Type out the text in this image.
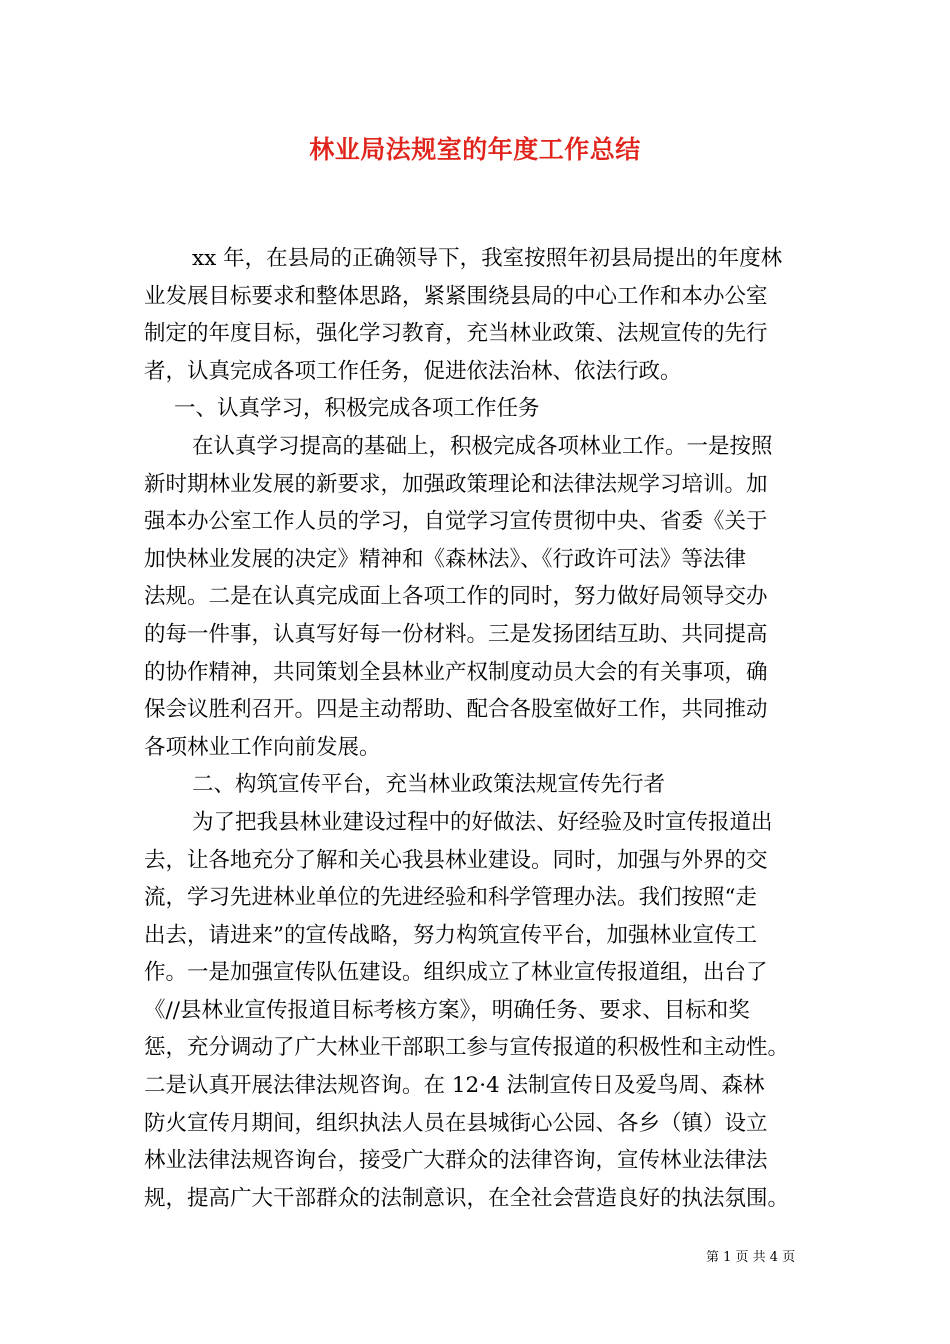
林业局法规室的年度工作总结

xx 年，在县局的正确领导下，我室按照年初县局提出的年度林

业发展目标要求和整体思路，紧紧围绕县局的中心工作和本办公室

制定的年度目标，强化学习教育，充当林业政策、法规宣传的先行

者，认真完成各项工作任务，促进依法治林、依法行政。

一、认真学习，积极完成各项工作任务

在认真学习提高的基础上，积极完成各项林业工作。一是按照

新时期林业发展的新要求，加强政策理论和法律法规学习培训。加

强本办公室工作人员的学习，自觉学习宣传贯彻中央、省委《关于

加快林业发展的决定》精神和《森林法》、《行政许可法》等法律

法规。二是在认真完成面上各项工作的同时，努力做好局领导交办

的每一件事，认真写好每一份材料。三是发扬团结互助、共同提高

的协作精神，共同策划全县林业产权制度动员大会的有关事项，确

保会议胜利召开。四是主动帮助、配合各股室做好工作，共同推动

各项林业工作向前发展。

二、构筑宣传平台，充当林业政策法规宣传先行者

为了把我县林业建设过程中的好做法、好经验及时宣传报道出

去，让各地充分了解和关心我县林业建设。同时，加强与外界的交

流，学习先进林业单位的先进经验和科学管理办法。我们按照“走

出去，请进来”的宣传战略，努力构筑宣传平台，加强林业宣传工

作。一是加强宣传队伍建设。组织成立了林业宣传报道组，出台了

《//县林业宣传报道目标考核方案》，明确任务、要求、目标和奖

惩，充分调动了广大林业干部职工参与宣传报道的积极性和主动性。

二是认真开展法律法规咨询。在 12·4 法制宣传日及爱鸟周、森林

防火宣传月期间，组织执法人员在县城街心公园、各乡（镇）设立

林业法律法规咨询台，接受广大群众的法律咨询，宣传林业法律法

规，提高广大干部群众的法制意识，在全社会营造良好的执法氛围。

第 1 页 共 4 页
